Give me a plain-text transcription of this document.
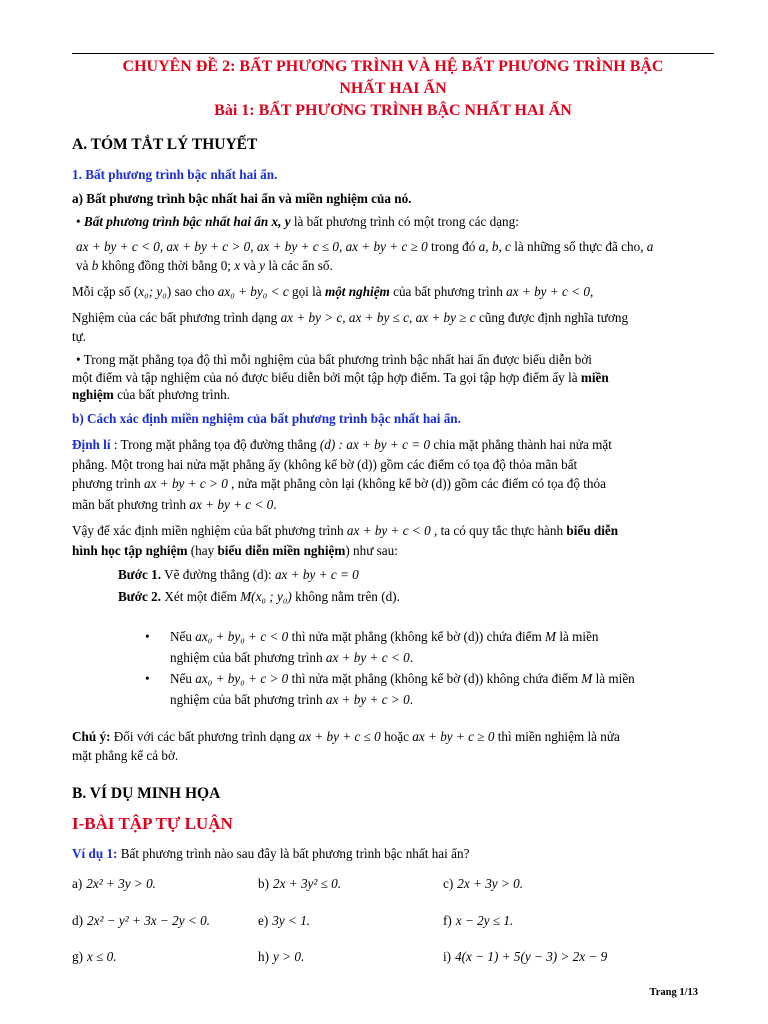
CHUYÊN ĐỀ 2: BẤT PHƯƠNG TRÌNH VÀ HỆ BẤT PHƯƠNG TRÌNH BẬC
NHẤT HAI ẨN
Bài 1: BẤT PHƯƠNG TRÌNH BẬC NHẤT HAI ẨN
A. TÓM TẮT LÝ THUYẾT
1. Bất phương trình bậc nhất hai ẩn.
a) Bất phương trình bậc nhất hai ẩn và miền nghiệm của nó.
• Bất phương trình bậc nhất hai ẩn x, y là bất phương trình có một trong các dạng:
ax + by + c < 0, ax + by + c > 0, ax + by + c ≤ 0, ax + by + c ≥ 0 trong đó a, b, c là những số thực đã cho, a
và b không đồng thời bằng 0; x và y là các ẩn số.
Mỗi cặp số (x₀; y₀) sao cho ax₀ + by₀ < c gọi là một nghiệm của bất phương trình ax + by + c < 0,
Nghiệm của các bất phương trình dạng ax + by > c, ax + by ≤ c, ax + by ≥ c cũng được định nghĩa tương
tự.
• Trong mặt phẳng tọa độ thì mỗi nghiệm của bất phương trình bậc nhất hai ẩn được biểu diễn bởi
một điểm và tập nghiệm của nó được biểu diễn bởi một tập hợp điểm. Ta gọi tập hợp điểm ấy là miền
nghiệm của bất phương trình.
b) Cách xác định miền nghiệm của bất phương trình bậc nhất hai ẩn.
Định lí : Trong mặt phẳng tọa độ đường thẳng (d) : ax + by + c = 0 chia mặt phẳng thành hai nửa mặt
phẳng. Một trong hai nửa mặt phẳng ấy (không kể bờ (d)) gồm các điểm có tọa độ thỏa mãn bất
phương trình ax + by + c > 0 , nửa mặt phẳng còn lại (không kể bờ (d)) gồm các điểm có tọa độ thỏa
mãn bất phương trình ax + by + c < 0.
Vậy để xác định miền nghiệm của bất phương trình ax + by + c < 0 , ta có quy tắc thực hành biểu diễn
hình học tập nghiệm (hay biểu diễn miền nghiệm) như sau:
Bước 1. Vẽ đường thẳng (d): ax + by + c = 0
Bước 2. Xét một điểm M(x₀ ; y₀) không nằm trên (d).
• Nếu ax₀ + by₀ + c < 0 thì nửa mặt phẳng (không kể bờ (d)) chứa điểm M là miền
nghiệm của bất phương trình ax + by + c < 0.
• Nếu ax₀ + by₀ + c > 0 thì nửa mặt phẳng (không kể bờ (d)) không chứa điểm M là miền
nghiệm của bất phương trình ax + by + c > 0.
Chú ý: Đối với các bất phương trình dạng ax + by + c ≤ 0 hoặc ax + by + c ≥ 0 thì miền nghiệm là nửa
mặt phẳng kể cả bờ.
B. VÍ DỤ MINH HỌA
I-BÀI TẬP TỰ LUẬN
Ví dụ 1: Bất phương trình nào sau đây là bất phương trình bậc nhất hai ẩn?
a) 2x² + 3y > 0.	b) 2x + 3y² ≤ 0.	c) 2x + 3y > 0.
d) 2x² − y² + 3x − 2y < 0.	e) 3y < 1.	f) x − 2y ≤ 1.
g) x ≤ 0.	h) y > 0.	i) 4(x − 1) + 5(y − 3) > 2x − 9
Trang 1/13
